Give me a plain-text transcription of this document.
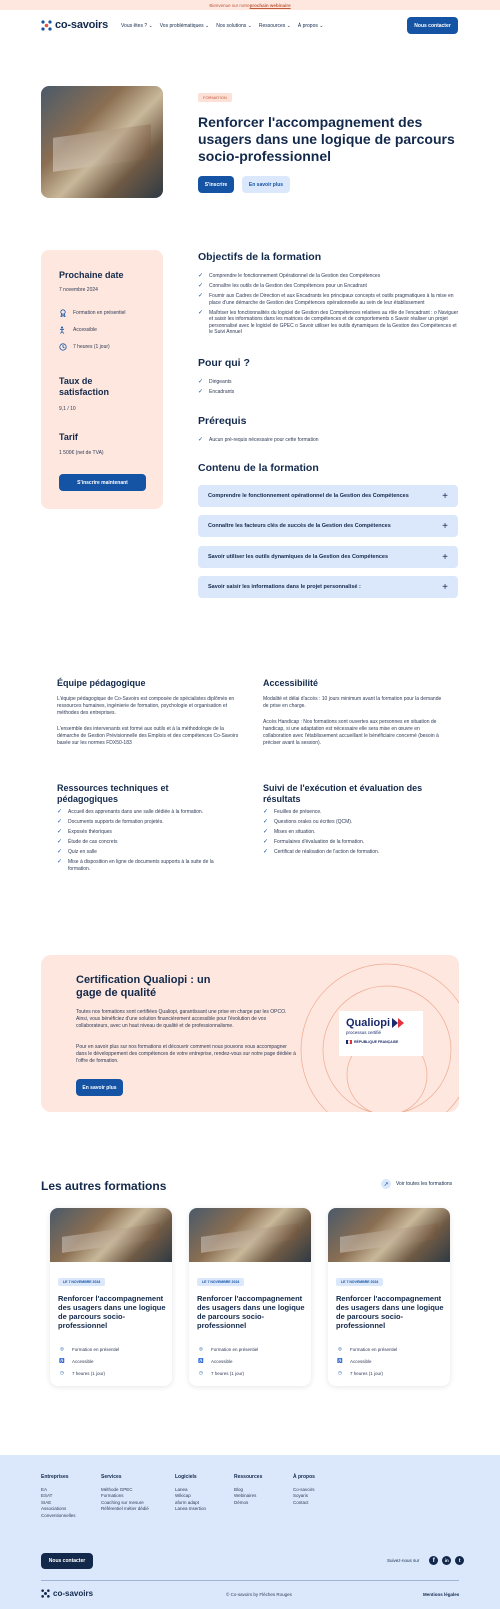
Bienvenue sur notre prochain webinaire
co-savoirs	Vous êtes ? ⌄ Vos problématiques ⌄ Nos solutions ⌄ Ressources ⌄ À propos ⌄	Nous contacter
FORMATION
Renforcer l'accompagnement des usagers dans une logique de parcours socio-professionnel
S'inscrire	En savoir plus
Prochaine date
7 novembre 2024
Formation en présentiel
Accessible
7 heures (1 jour)
Taux de satisfaction
9,1 / 10
Tarif
1 500€ (net de TVA)
S'inscrire maintenant
Objectifs de la formation
✓ Comprendre le fonctionnement Opérationnel de la Gestion des Compétences
✓ Connaître les outils de la Gestion des Compétences pour un Encadrant
✓ Fournir aux Cadres de Direction et aux Encadrants les principaux concepts et outils pragmatiques à la mise en place d'une démarche de Gestion des Compétences opérationnelle au sein de leur établissement
✓ Maîtriser les fonctionnalités du logiciel de Gestion des Compétences relatives au rôle de l'encadrant : o Naviguer et saisir les informations dans les matrices de compétences et de comportements o Savoir réaliser un projet personnalisé avec le logiciel de GPEC o Savoir utiliser les outils dynamiques de la Gestion des Compétences et le Suivi Annuel
Pour qui ?
✓ Dirigeants
✓ Encadrants
Prérequis
✓ Aucun pré-requis nécessaire pour cette formation
Contenu de la formation
Comprendre le fonctionnement opérationnel de la Gestion des Compétences	+
Connaître les facteurs clés de succès de la Gestion des Compétences	+
Savoir utiliser les outils dynamiques de la Gestion des Compétences	+
Savoir saisir les informations dans le projet personnalisé :	+
Équipe pédagogique
L'équipe pédagogique de Co-Savoirs est composée de spécialistes diplômés en ressources humaines, ingénierie de formation, psychologie et organisation et méthodes des entreprises.
L'ensemble des intervenants est formé aux outils et à la méthodologie de la démarche de Gestion Prévisionnelle des Emplois et des compétences Co-Savoirs basée sur les normes FDX50-183
Accessibilité
Modalité et délai d'accès : 10 jours minimum avant la formation pour la demande de prise en charge.
Accès Handicap : Nos formations sont ouvertes aux personnes en situation de handicap, si une adaptation est nécessaire elle sera mise en œuvre en collaboration avec l'établissement accueillant le bénéficiaire concerné (besoin à préciser avant la session).
Ressources techniques et pédagogiques
✓ Accueil des apprenants dans une salle dédiée à la formation.
✓ Documents supports de formation projetés.
✓ Exposés théoriques
✓ Étude de cas concrets
✓ Quiz en salle
✓ Mise à disposition en ligne de documents supports à la suite de la formation.
Suivi de l'exécution et évaluation des résultats
✓ Feuilles de présence.
✓ Questions orales ou écrites (QCM).
✓ Mises en situation.
✓ Formulaires d'évaluation de la formation.
✓ Certificat de réalisation de l'action de formation.
Certification Qualiopi : un gage de qualité
Toutes nos formations sont certifiées Qualiopi, garantissant une prise en charge par les OPCO. Ainsi, vous bénéficiez d'une solution financièrement accessible pour l'évolution de vos collaborateurs, avec un haut niveau de qualité et de professionnalisme.
Pour en savoir plus sur nos formations et découvrir comment nous pouvons vous accompagner dans le développement des compétences de votre entreprise, rendez-vous sur notre page dédiée à l'offre de formation.
En savoir plus
Qualiopi
processus certifié
RÉPUBLIQUE FRANÇAISE
Les autres formations	↗	Voir toutes les formations
LE 7 NOVEMBRE 2024
Renforcer l'accompagnement des usagers dans une logique de parcours socio-professionnel
◎	Formation en présentiel
♿ Accessible
◷	7 heures (1 jour)
LE 7 NOVEMBRE 2024
Renforcer l'accompagnement des usagers dans une logique de parcours socio-professionnel
◎	Formation en présentiel
♿ Accessible
◷	7 heures (1 jour)
LE 7 NOVEMBRE 2024
Renforcer l'accompagnement des usagers dans une logique de parcours socio-professionnel
◎	Formation en présentiel
♿ Accessible
◷	7 heures (1 jour)
Entreprises
EA
ESAT
SIAE
Associations
Conventionnelles
Services
Méthode GPEC
Formations
Coaching sur mesure
Référentiel métier dédié
Logiciels
Lanea
Wikicap
aform adapt
Lanea Insertion
Ressources
Blog
Webinaires
Démos
À propos
Co-savoirs
Soyaris
Contact
Nous contacter	Suivez-nous sur	f	in	t
co-savoirs	© Co-savoirs by Flèches Rouges	Mentions légales
